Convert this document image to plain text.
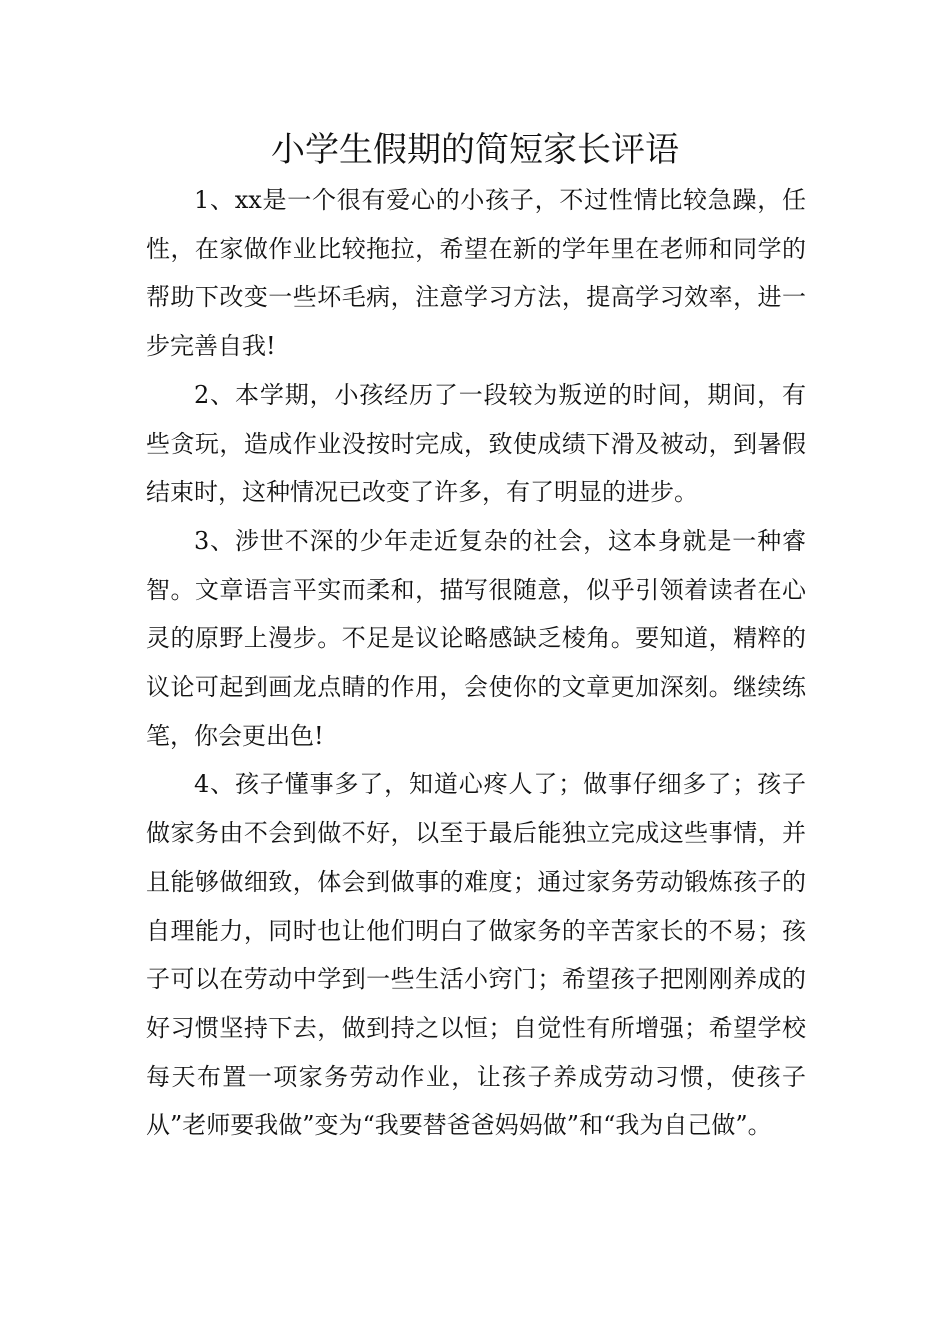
小学生假期的简短家长评语

1、xx是一个很有爱心的小孩子，不过性情比较急躁，任性，在家做作业比较拖拉，希望在新的学年里在老师和同学的帮助下改变一些坏毛病，注意学习方法，提高学习效率，进一步完善自我!

2、本学期，小孩经历了一段较为叛逆的时间，期间，有些贪玩，造成作业没按时完成，致使成绩下滑及被动，到暑假结束时，这种情况已改变了许多，有了明显的进步。

3、涉世不深的少年走近复杂的社会，这本身就是一种睿智。文章语言平实而柔和，描写很随意，似乎引领着读者在心灵的原野上漫步。不足是议论略感缺乏棱角。要知道，精粹的议论可起到画龙点睛的作用，会使你的文章更加深刻。继续练笔，你会更出色!

4、孩子懂事多了，知道心疼人了；做事仔细多了；孩子做家务由不会到做不好，以至于最后能独立完成这些事情，并且能够做细致，体会到做事的难度；通过家务劳动锻炼孩子的自理能力，同时也让他们明白了做家务的辛苦家长的不易；孩子可以在劳动中学到一些生活小窍门；希望孩子把刚刚养成的好习惯坚持下去，做到持之以恒；自觉性有所增强；希望学校每天布置一项家务劳动作业，让孩子养成劳动习惯，使孩子从”老师要我做”变为“我要替爸爸妈妈做”和“我为自己做”。
